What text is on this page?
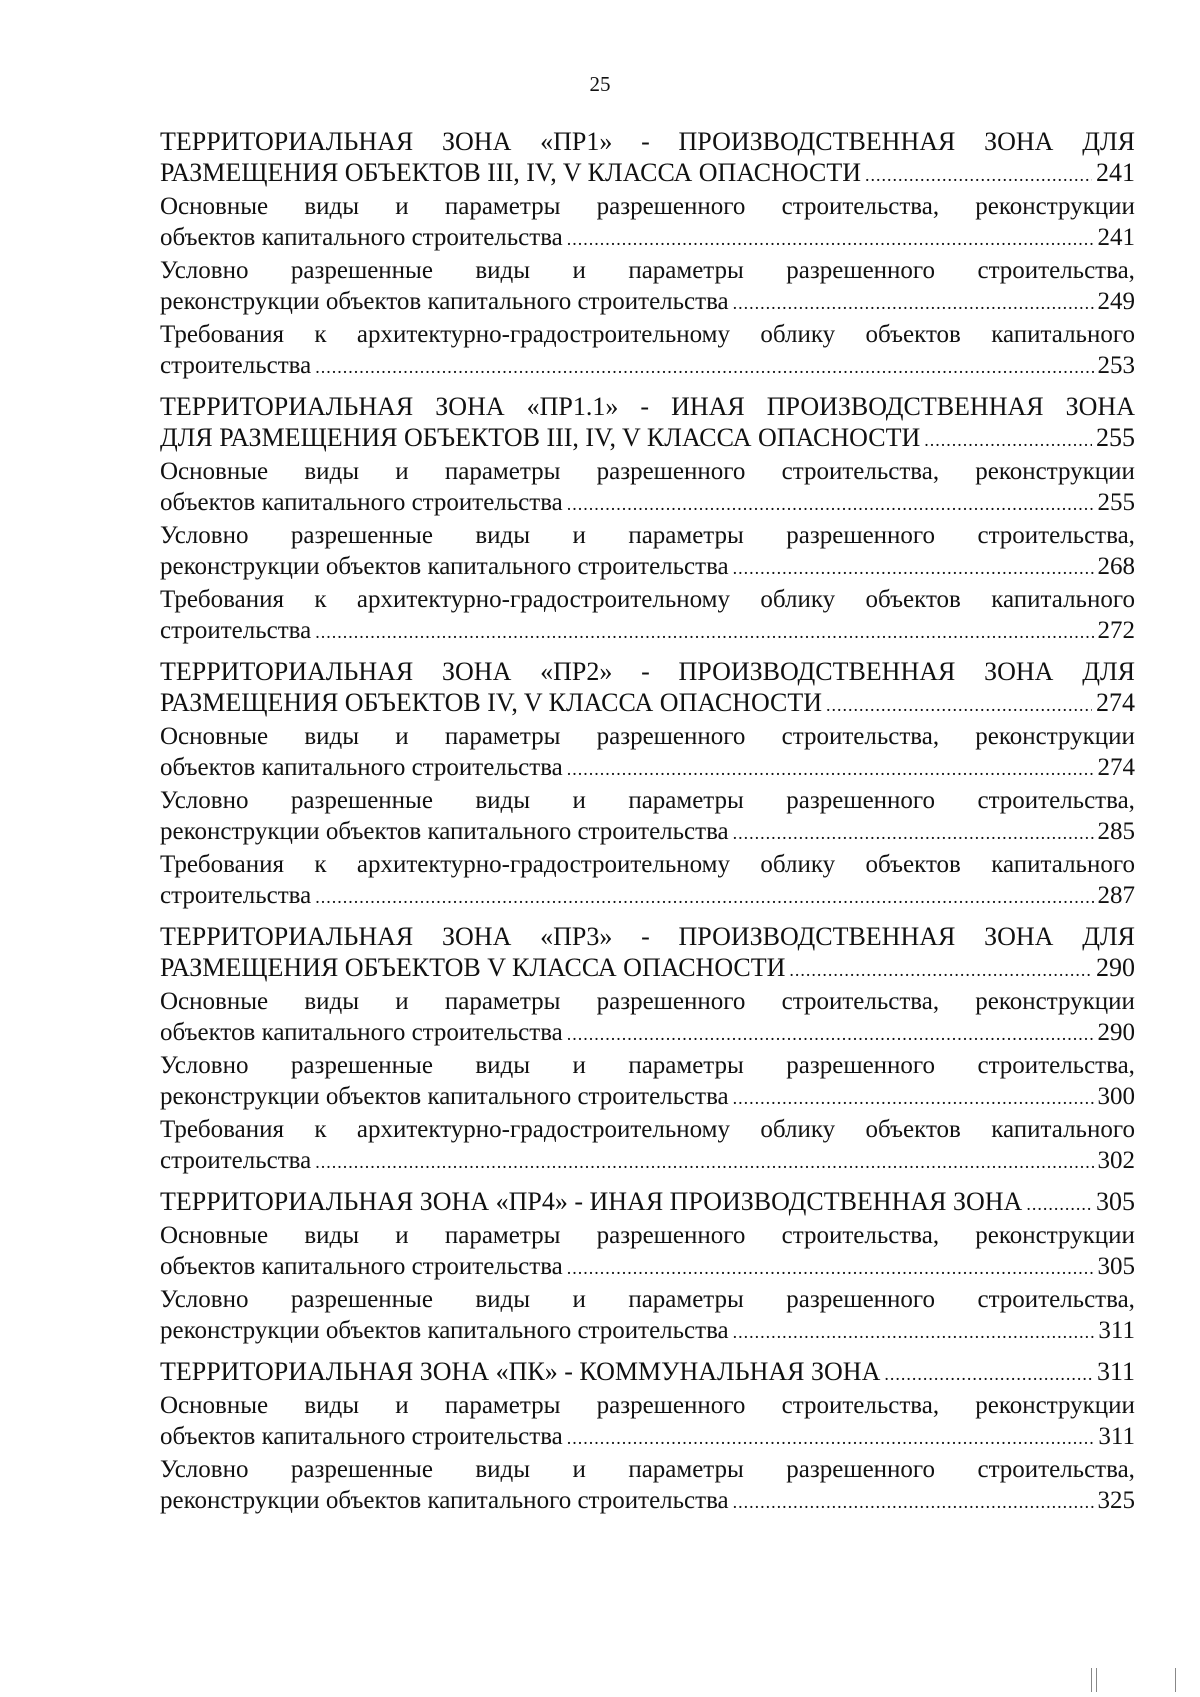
25
ТЕРРИТОРИАЛЬНАЯ ЗОНА «ПР1» - ПРОИЗВОДСТВЕННАЯ ЗОНА ДЛЯ
РАЗМЕЩЕНИЯ ОБЪЕКТОВ III, IV, V КЛАССА ОПАСНОСТИ .....	241
Основные виды и параметры разрешенного строительства, реконструкции
объектов капитального строительства .....	241
Условно разрешенные виды и параметры разрешенного строительства,
реконструкции объектов капитального строительства .....	249
Требования к архитектурно-градостроительному облику объектов капитального
строительства .....	253
ТЕРРИТОРИАЛЬНАЯ ЗОНА «ПР1.1» - ИНАЯ ПРОИЗВОДСТВЕННАЯ ЗОНА
ДЛЯ РАЗМЕЩЕНИЯ ОБЪЕКТОВ III, IV, V КЛАССА ОПАСНОСТИ .....	255
Основные виды и параметры разрешенного строительства, реконструкции
объектов капитального строительства .....	255
Условно разрешенные виды и параметры разрешенного строительства,
реконструкции объектов капитального строительства .....	268
Требования к архитектурно-градостроительному облику объектов капитального
строительства .....	272
ТЕРРИТОРИАЛЬНАЯ ЗОНА «ПР2» - ПРОИЗВОДСТВЕННАЯ ЗОНА ДЛЯ
РАЗМЕЩЕНИЯ ОБЪЕКТОВ IV, V КЛАССА ОПАСНОСТИ .....	274
Основные виды и параметры разрешенного строительства, реконструкции
объектов капитального строительства .....	274
Условно разрешенные виды и параметры разрешенного строительства,
реконструкции объектов капитального строительства .....	285
Требования к архитектурно-градостроительному облику объектов капитального
строительства .....	287
ТЕРРИТОРИАЛЬНАЯ ЗОНА «ПР3» - ПРОИЗВОДСТВЕННАЯ ЗОНА ДЛЯ
РАЗМЕЩЕНИЯ ОБЪЕКТОВ V КЛАССА ОПАСНОСТИ .....	290
Основные виды и параметры разрешенного строительства, реконструкции
объектов капитального строительства .....	290
Условно разрешенные виды и параметры разрешенного строительства,
реконструкции объектов капитального строительства .....	300
Требования к архитектурно-градостроительному облику объектов капитального
строительства .....	302
ТЕРРИТОРИАЛЬНАЯ ЗОНА «ПР4» - ИНАЯ ПРОИЗВОДСТВЕННАЯ ЗОНА .....	305
Основные виды и параметры разрешенного строительства, реконструкции
объектов капитального строительства .....	305
Условно разрешенные виды и параметры разрешенного строительства,
реконструкции объектов капитального строительства .....	311
ТЕРРИТОРИАЛЬНАЯ ЗОНА «ПК» - КОММУНАЛЬНАЯ ЗОНА .....	311
Основные виды и параметры разрешенного строительства, реконструкции
объектов капитального строительства .....	311
Условно разрешенные виды и параметры разрешенного строительства,
реконструкции объектов капитального строительства .....	325
